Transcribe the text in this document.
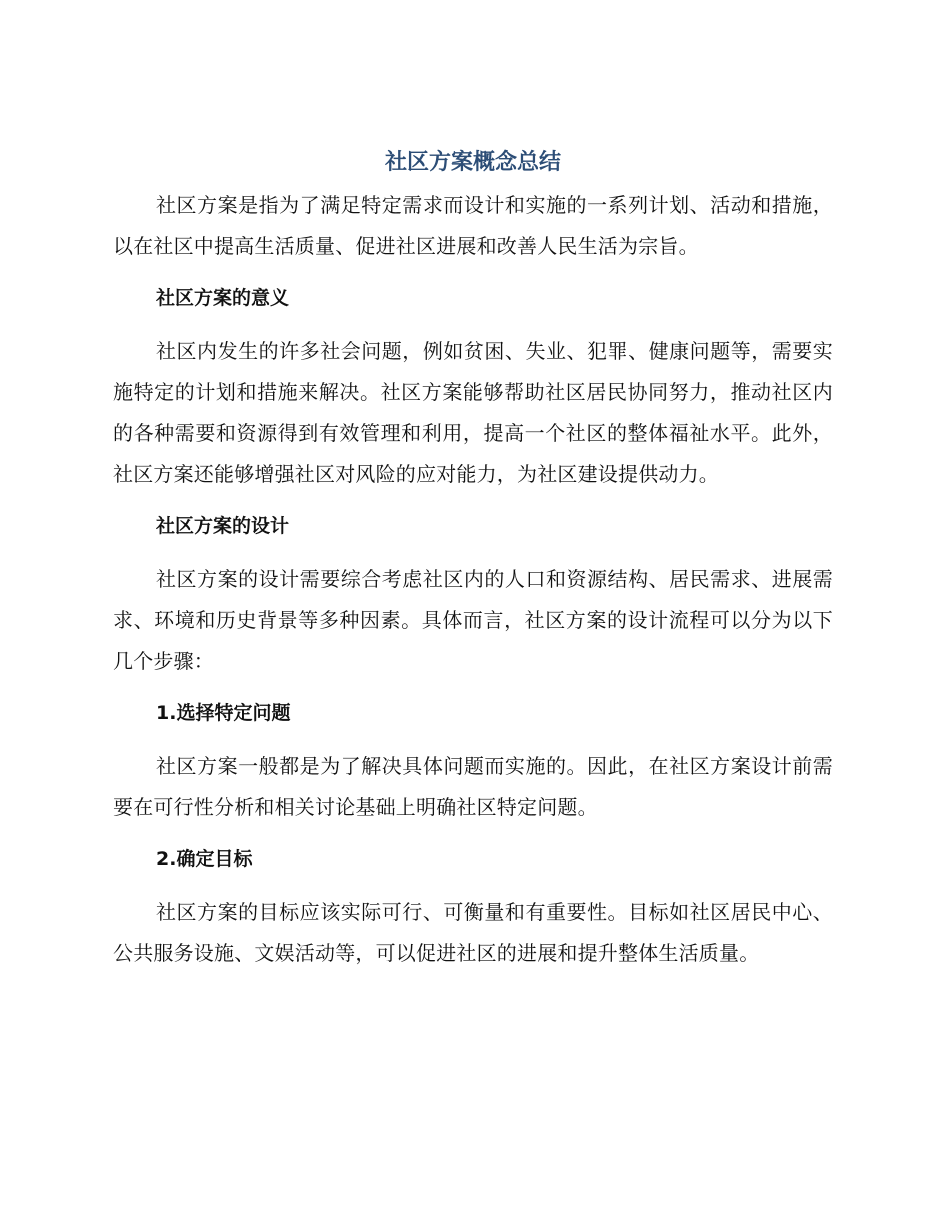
社区方案概念总结

社区方案是指为了满足特定需求而设计和实施的一系列计划、活动和措施，以在社区中提高生活质量、促进社区进展和改善人民生活为宗旨。

社区方案的意义

社区内发生的许多社会问题，例如贫困、失业、犯罪、健康问题等，需要实施特定的计划和措施来解决。社区方案能够帮助社区居民协同努力，推动社区内的各种需要和资源得到有效管理和利用，提高一个社区的整体福祉水平。此外，社区方案还能够增强社区对风险的应对能力，为社区建设提供动力。

社区方案的设计

社区方案的设计需要综合考虑社区内的人口和资源结构、居民需求、进展需求、环境和历史背景等多种因素。具体而言，社区方案的设计流程可以分为以下几个步骤：

1.选择特定问题

社区方案一般都是为了解决具体问题而实施的。因此，在社区方案设计前需要在可行性分析和相关讨论基础上明确社区特定问题。

2.确定目标

社区方案的目标应该实际可行、可衡量和有重要性。目标如社区居民中心、公共服务设施、文娱活动等，可以促进社区的进展和提升整体生活质量。
